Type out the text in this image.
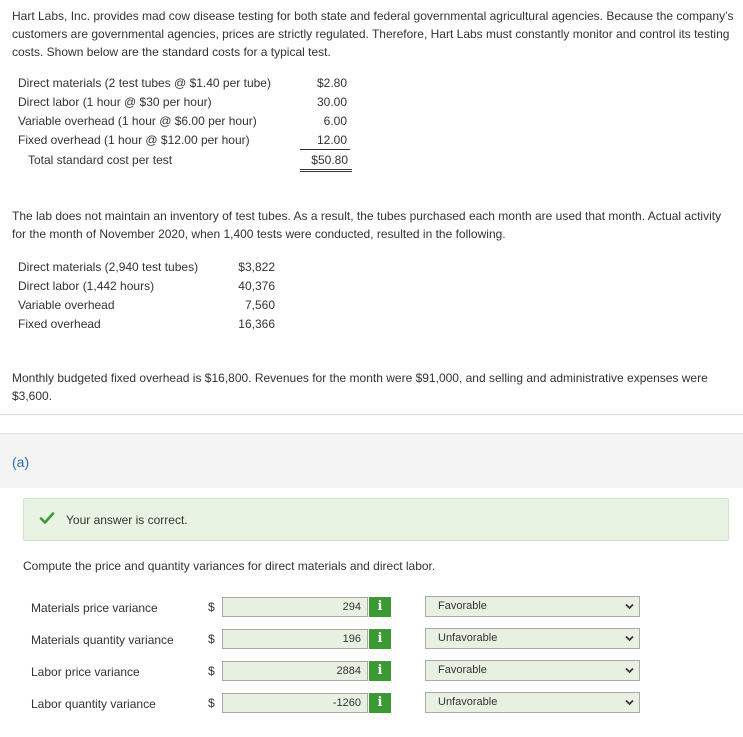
Hart Labs, Inc. provides mad cow disease testing for both state and federal governmental agricultural agencies. Because the company’s customers are governmental agencies, prices are strictly regulated. Therefore, Hart Labs must constantly monitor and control its testing costs. Shown below are the standard costs for a typical test.
Direct materials (2 test tubes @ $1.40 per tube)	$2.80
Direct labor (1 hour @ $30 per hour)	30.00
Variable overhead (1 hour @ $6.00 per hour)	6.00
Fixed overhead (1 hour @ $12.00 per hour)	12.00
Total standard cost per test	$50.80
The lab does not maintain an inventory of test tubes. As a result, the tubes purchased each month are used that month. Actual activity for the month of November 2020, when 1,400 tests were conducted, resulted in the following.
Direct materials (2,940 test tubes)	$3,822
Direct labor (1,442 hours)	40,376
Variable overhead	7,560
Fixed overhead	16,366
Monthly budgeted fixed overhead is $16,800. Revenues for the month were $91,000, and selling and administrative expenses were $3,600.
(a)
Your answer is correct.
Compute the price and quantity variances for direct materials and direct labor.
Materials price variance	$	294	i	Favorable
Materials quantity variance	$	196	i	Unfavorable
Labor price variance	$	2884	i	Favorable
Labor quantity variance	$	-1260	i	Unfavorable
